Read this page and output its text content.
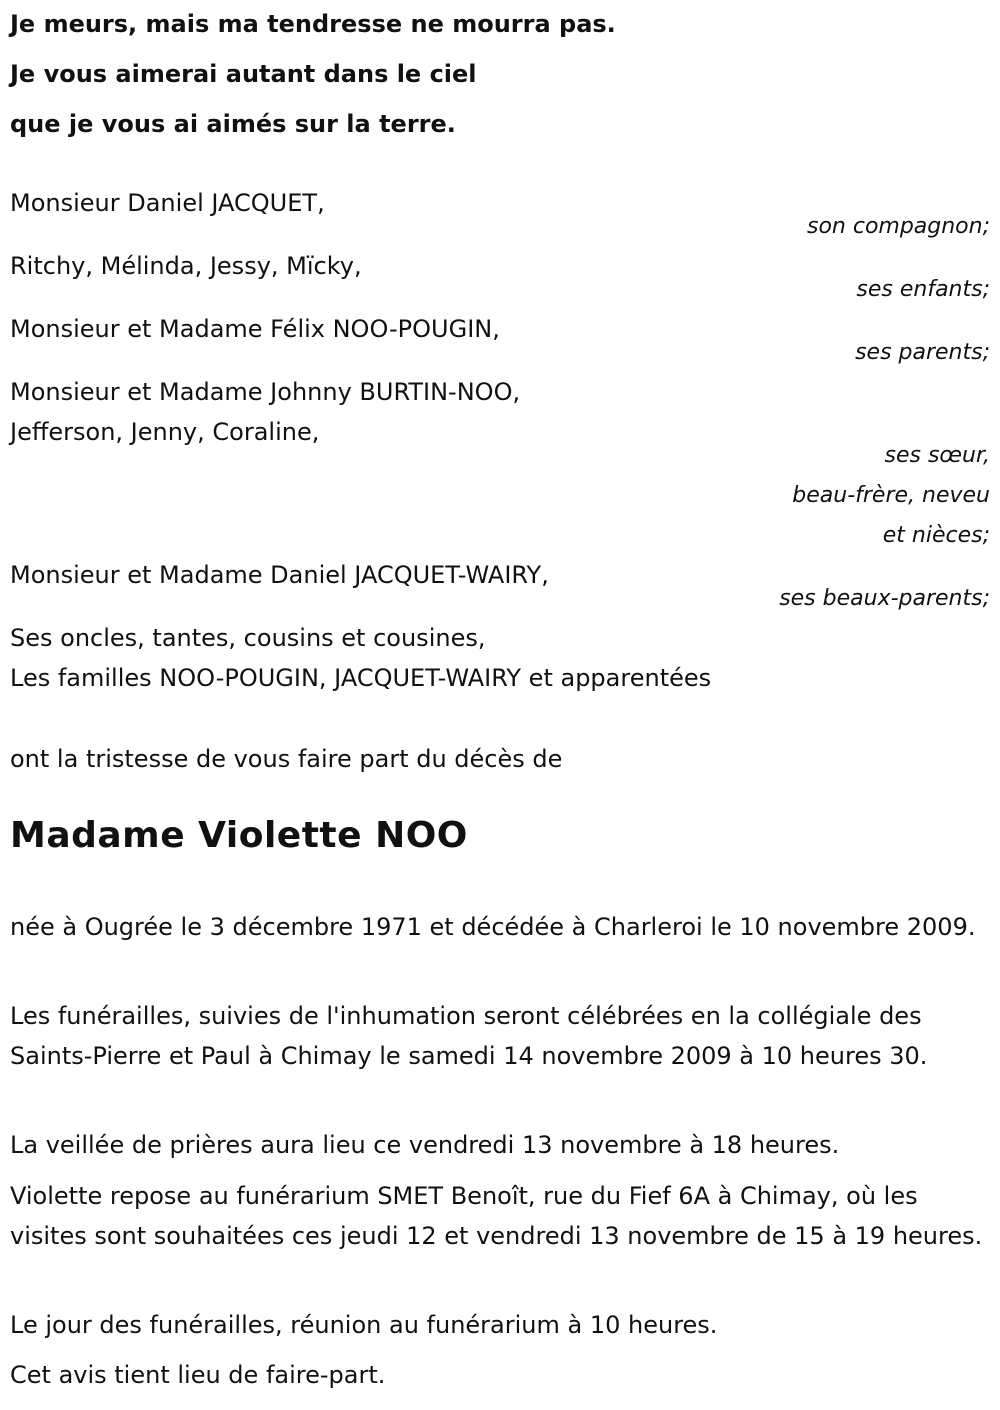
Je meurs, mais ma tendresse ne mourra pas.
Je vous aimerai autant dans le ciel
que je vous ai aimés sur la terre.
Monsieur Daniel JACQUET,
son compagnon;
Ritchy, Mélinda, Jessy, Mïcky,
ses enfants;
Monsieur et Madame Félix NOO-POUGIN,
ses parents;
Monsieur et Madame Johnny BURTIN-NOO,
Jefferson, Jenny, Coraline,
ses sœur,
beau-frère, neveu
et nièces;
Monsieur et Madame Daniel JACQUET-WAIRY,
ses beaux-parents;
Ses oncles, tantes, cousins et cousines,
Les familles NOO-POUGIN, JACQUET-WAIRY et apparentées
ont la tristesse de vous faire part du décès de
Madame Violette NOO
née à Ougrée le 3 décembre 1971 et décédée à Charleroi le 10 novembre 2009.
Les funérailles, suivies de l'inhumation seront célébrées en la collégiale des Saints-Pierre et Paul à Chimay le samedi 14 novembre 2009 à 10 heures 30.
La veillée de prières aura lieu ce vendredi 13 novembre à 18 heures.
Violette repose au funérarium SMET Benoît, rue du Fief 6A à Chimay, où les visites sont souhaitées ces jeudi 12 et vendredi 13 novembre de 15 à 19 heures.
Le jour des funérailles, réunion au funérarium à 10 heures.
Cet avis tient lieu de faire-part.
